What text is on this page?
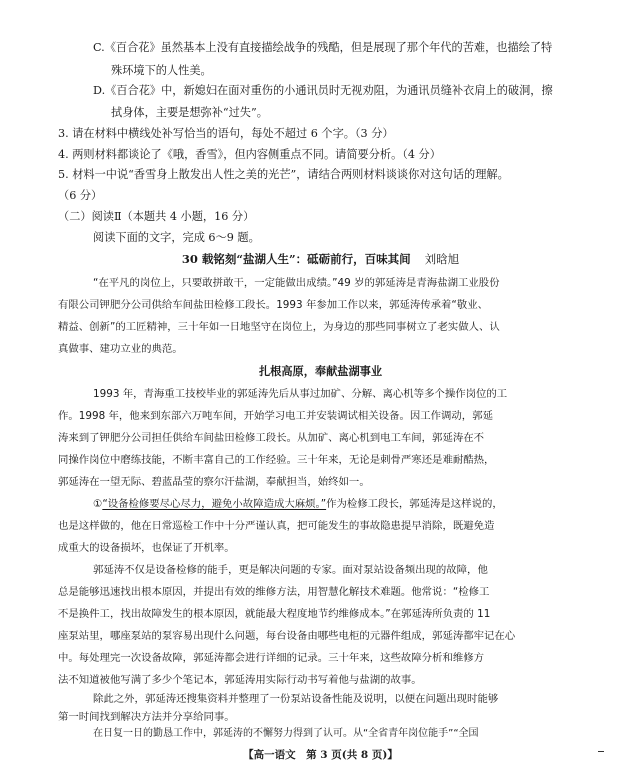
C.《百合花》虽然基本上没有直接描绘战争的残酷，但是展现了那个年代的苦难，也描绘了特
殊环境下的人性美。
D.《百合花》中，新媳妇在面对重伤的小通讯员时无视劝阻，为通讯员缝补衣肩上的破洞，擦
拭身体，主要是想弥补“过失”。
3. 请在材料中横线处补写恰当的语句，每处不超过 6 个字。（3 分）
4. 两则材料都谈论了《哦，香雪》，但内容侧重点不同。请简要分析。（4 分）
5. 材料一中说“香雪身上散发出人性之美的光芒”，请结合两则材料谈谈你对这句话的理解。
（6 分）
（二）阅读Ⅱ（本题共 4 小题，16 分）
阅读下面的文字，完成 6～9 题。
30 载铭刻“盐湖人生”：砥砺前行，百味其间 刘晗旭
“在平凡的岗位上，只要敢拼敢干，一定能做出成绩。”49 岁的郭延涛是青海盐湖工业股份
有限公司钾肥分公司供给车间盐田检修工段长。1993 年参加工作以来，郭延涛传承着“敬业、
精益、创新”的工匠精神，三十年如一日地坚守在岗位上，为身边的那些同事树立了老实做人、认
真做事、建功立业的典范。
扎根高原，奉献盐湖事业
1993 年，青海重工技校毕业的郭延涛先后从事过加矿、分解、离心机等多个操作岗位的工
作。1998 年，他来到东部六万吨车间，开始学习电工并安装调试相关设备。因工作调动，郭延
涛来到了钾肥分公司担任供给车间盐田检修工段长。从加矿、离心机到电工车间，郭延涛在不
同操作岗位中磨练技能，不断丰富自己的工作经验。三十年来，无论是刺骨严寒还是难耐酷热，
郭延涛在一望无际、碧蓝晶莹的察尔汗盐湖，奉献担当，始终如一。
①“设备检修要尽心尽力，避免小故障造成大麻烦。”作为检修工段长，郭延涛是这样说的，
也是这样做的，他在日常巡检工作中十分严谨认真，把可能发生的事故隐患提早消除，既避免造
成重大的设备损坏，也保证了开机率。
郭延涛不仅是设备检修的能手，更是解决问题的专家。面对泵站设备频出现的故障，他
总是能够迅速找出根本原因，并提出有效的维修方法，用智慧化解技术难题。他常说：“检修工
不是换件工，找出故障发生的根本原因，就能最大程度地节约维修成本。”在郭延涛所负责的 11
座泵站里，哪座泵站的泵容易出现什么问题，每台设备由哪些电柜的元器件组成，郭延涛都牢记在心
中。每处理完一次设备故障，郭延涛都会进行详细的记录。三十年来，这些故障分析和维修方
法不知道被他写满了多少个笔记本，郭延涛用实际行动书写着他与盐湖的故事。
除此之外，郭延涛还搜集资料并整理了一份泵站设备性能及说明，以便在问题出现时能够
第一时间找到解决方法并分享给同事。
在日复一日的勤恳工作中，郭延涛的不懈努力得到了认可。从“全省青年岗位能手”“全国
【高一语文　第 3 页(共 8 页)】
